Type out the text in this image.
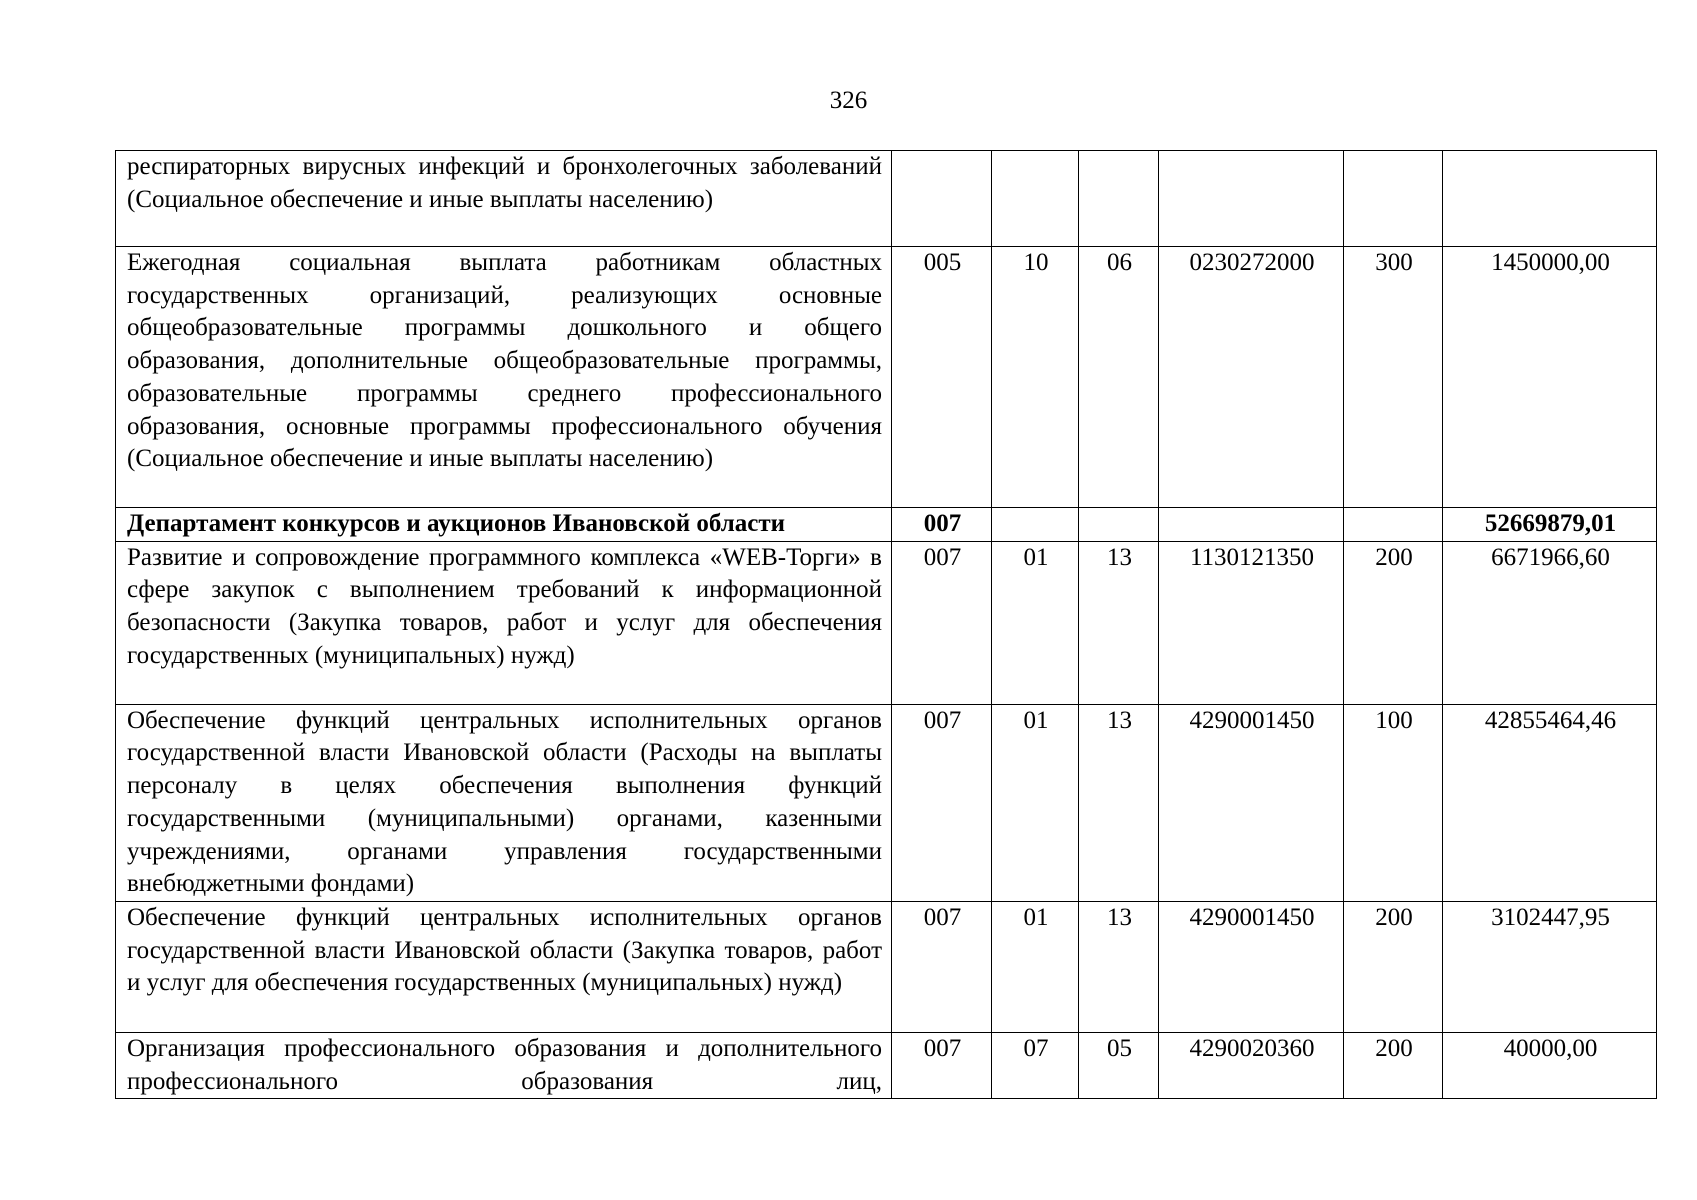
326
респираторных вирусных инфекций и бронхолегочных заболеваний (Социальное обеспечение и иные выплаты населению)						
Ежегодная социальная выплата работникам областных государственных организаций, реализующих основные общеобразовательные программы дошкольного и общего образования, дополнительные общеобразовательные программы, образовательные программы среднего профессионального образования, основные программы профессионального обучения (Социальное обеспечение и иные выплаты населению)	005	10	06	0230272000	300	1450000,00
Департамент конкурсов и аукционов Ивановской области	007					52669879,01
Развитие и сопровождение программного комплекса «WEB-Торги» в сфере закупок с выполнением требований к информационной безопасности (Закупка товаров, работ и услуг для обеспечения государственных (муниципальных) нужд)	007	01	13	1130121350	200	6671966,60
Обеспечение функций центральных исполнительных органов государственной власти Ивановской области (Расходы на выплаты персоналу в целях обеспечения выполнения функций государственными (муниципальными) органами, казенными учреждениями, органами управления государственными внебюджетными фондами)	007	01	13	4290001450	100	42855464,46
Обеспечение функций центральных исполнительных органов государственной власти Ивановской области (Закупка товаров, работ и услуг для обеспечения государственных (муниципальных) нужд)	007	01	13	4290001450	200	3102447,95
Организация профессионального образования и дополнительного профессионального образования лиц,	007	07	05	4290020360	200	40000,00
